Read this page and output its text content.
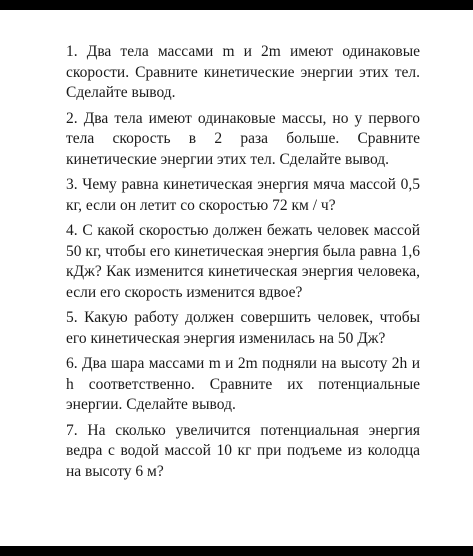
1. Два тела массами m и 2m имеют одинаковые скорости. Сравните кинетические энергии этих тел. Сделайте вывод.

2. Два тела имеют одинаковые массы, но у первого тела скорость в 2 раза больше. Сравните кинетические энергии этих тел. Сделайте вывод.

3. Чему равна кинетическая энергия мяча массой 0,5 кг, если он летит со скоростью 72 км / ч?

4. С какой скоростью должен бежать человек массой 50 кг, чтобы его кинетическая энергия была равна 1,6 кДж? Как изменится кинетическая энергия человека, если его скорость изменится вдвое?

5. Какую работу должен совершить человек, чтобы его кинетическая энергия изменилась на 50 Дж?

6. Два шара массами m и 2m подняли на высоту 2h и h соответственно. Сравните их потенциальные энергии. Сделайте вывод.

7. На сколько увеличится потенциальная энергия ведра с водой массой 10 кг при подъеме из колодца на высоту 6 м?
